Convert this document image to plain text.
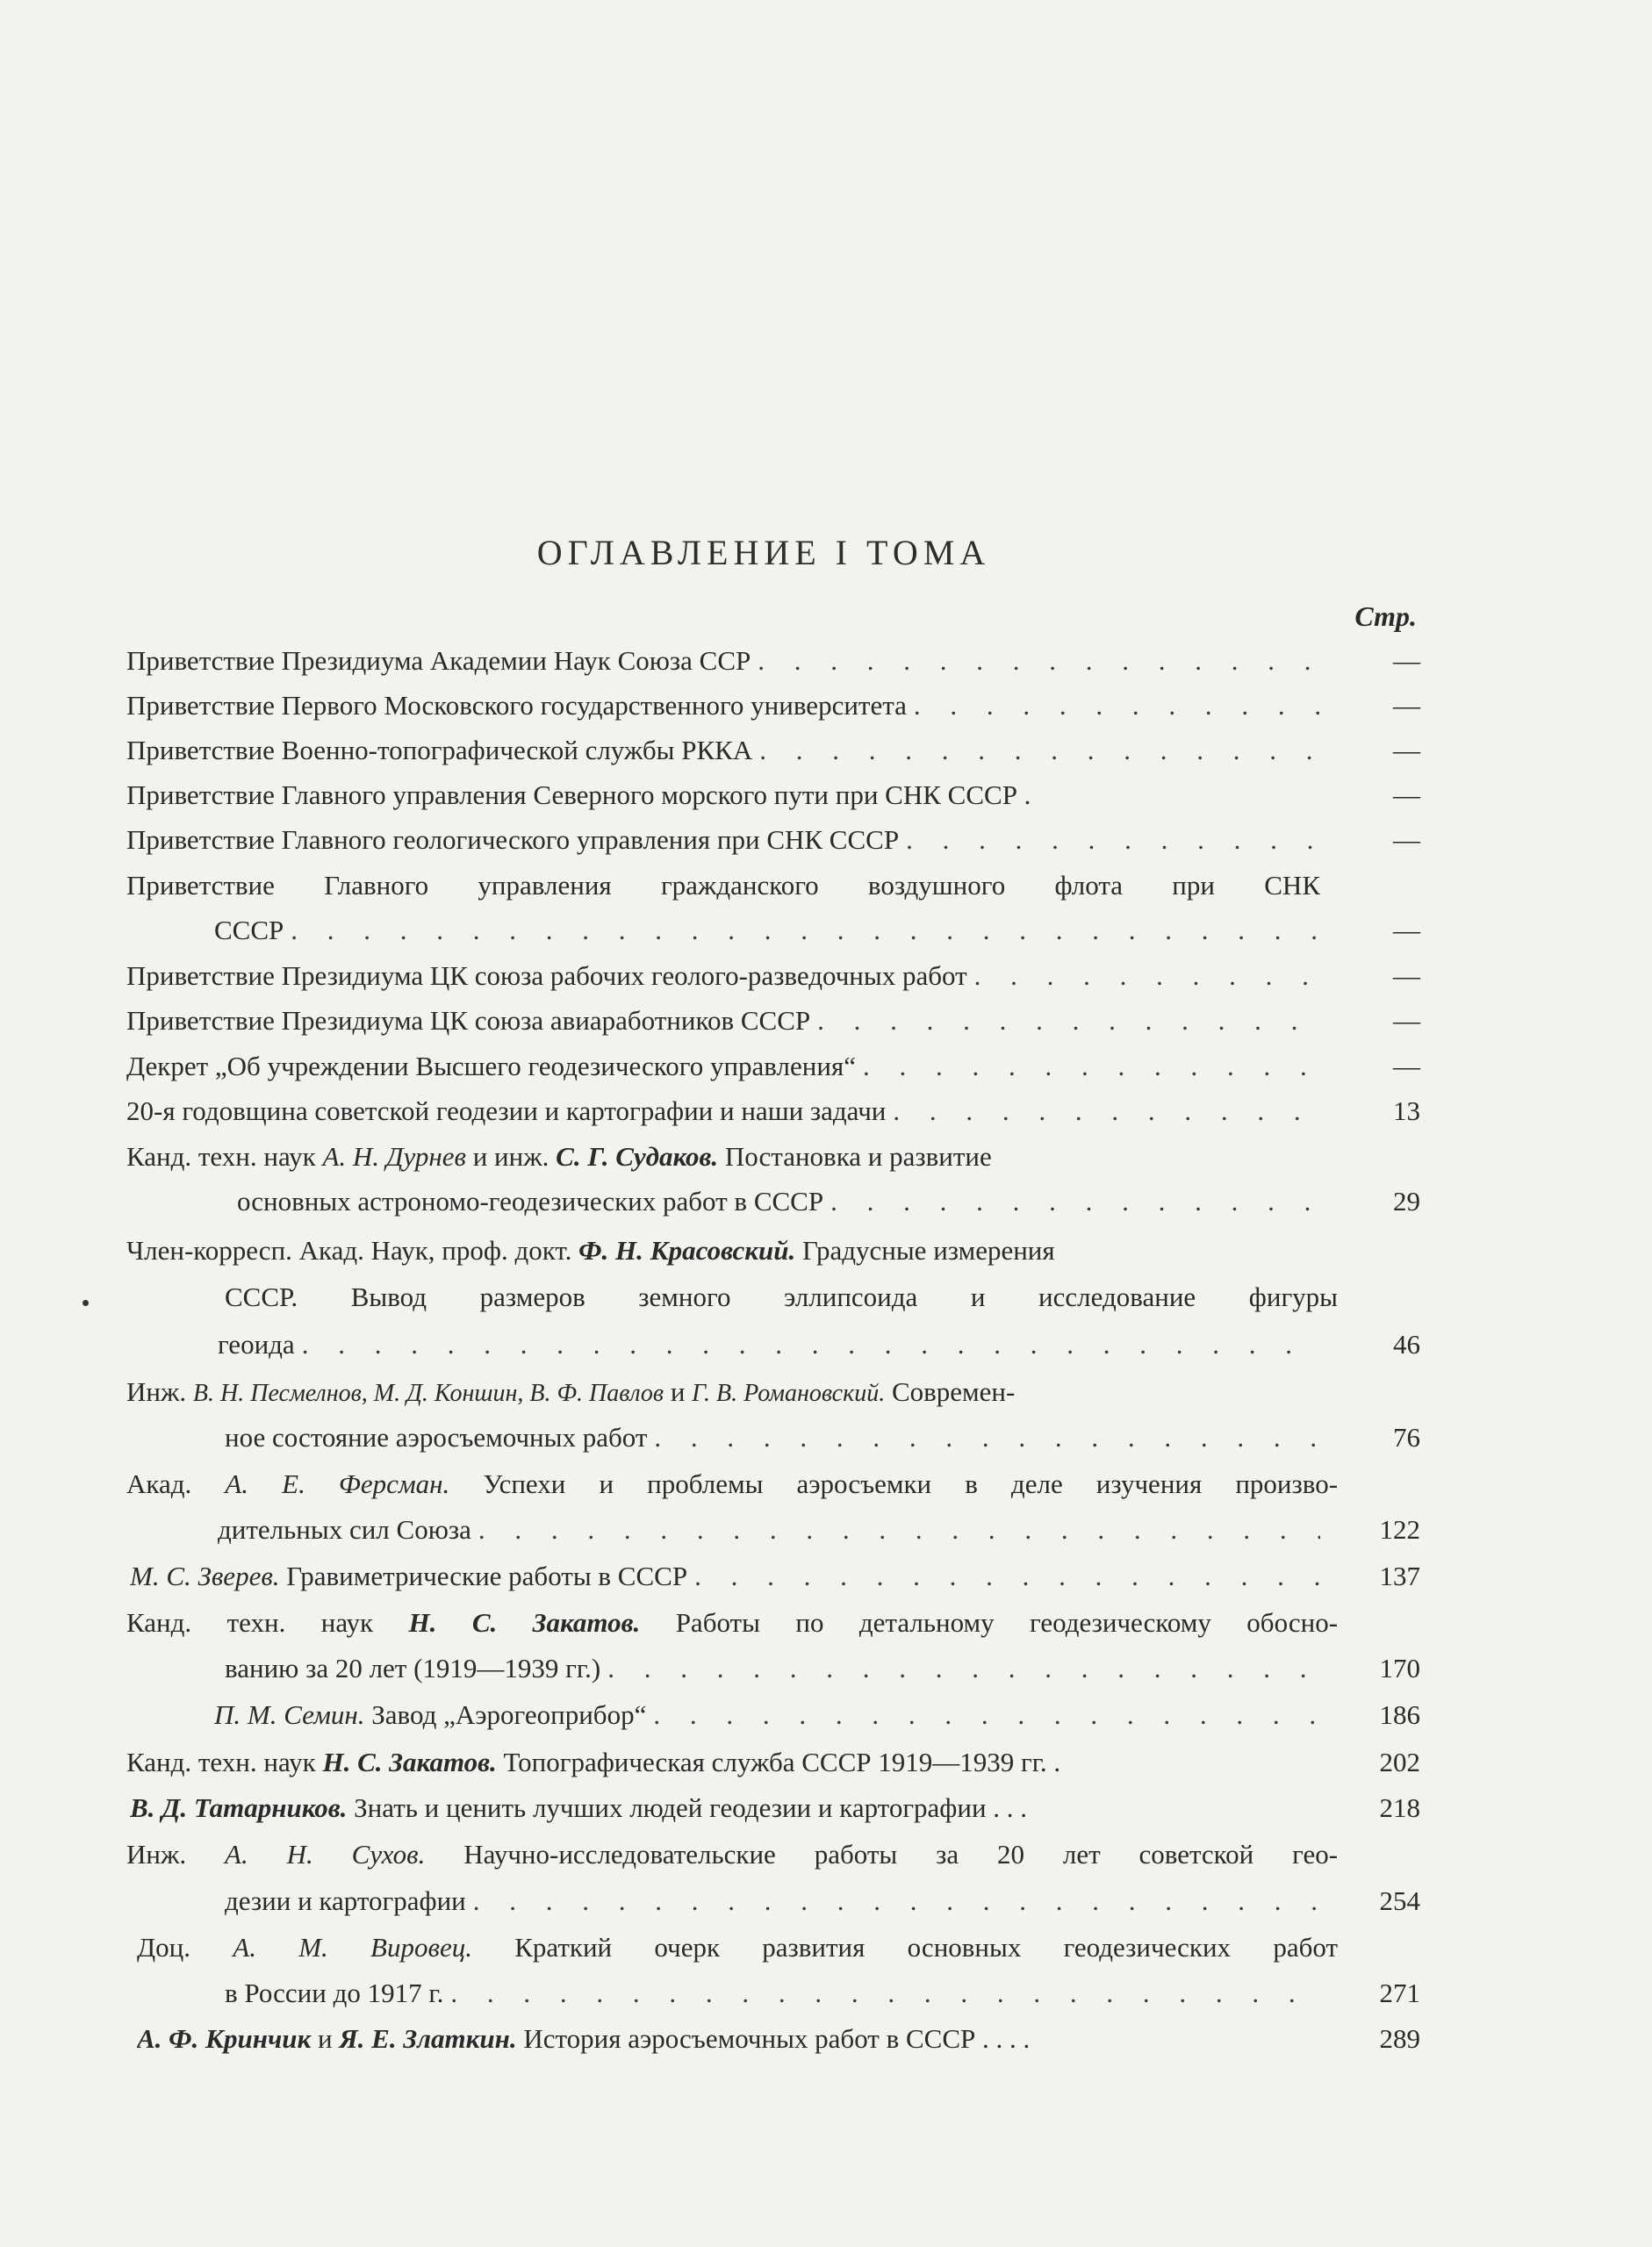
ОГЛАВЛЕНИЕ I ТОМА
Стр.
Приветствие Президиума Академии Наук Союза ССР . . .	—
Приветствие Первого Московского государственного университета . . .	—
Приветствие Военно-топографической службы РККА . . .	—
Приветствие Главного управления Северного морского пути при СНК СССР .	—
Приветствие Главного геологического управления при СНК СССР . . .	—
Приветствие Главного управления гражданского воздушного флота при СНК
СССР . . .	—
Приветствие Президиума ЦК союза рабочих геолого-разведочных работ . . .	—
Приветствие Президиума ЦК союза авиаработников СССР . . .	—
Декрет „Об учреждении Высшего геодезического управления“ . . .	—
20-я годовщина советской геодезии и картографии и наши задачи . . .	13
Канд. техн. наук А. Н. Дурнев и инж. С. Г. Судаков. Постановка и развитие
основных астрономо-геодезических работ в СССР . . .	29
Член-корресп. Акад. Наук, проф. докт. Ф. Н. Красовский. Градусные измерения
СССР. Вывод размеров земного эллипсоида и исследование фигуры
геоида . . .	46
Инж. В. Н. Песмелнов, М. Д. Коншин, В. Ф. Павлов и Г. В. Романовский. Современ-
ное состояние аэросъемочных работ . . .	76
Акад. А. Е. Ферсман. Успехи и проблемы аэросъемки в деле изучения произво-
дительных сил Союза . . .	122
М. С. Зверев. Гравиметрические работы в СССР . . .	137
Канд. техн. наук Н. С. Закатов. Работы по детальному геодезическому обосно-
ванию за 20 лет (1919—1939 гг.) . . .	170
П. М. Семин. Завод „Аэрогеоприбор“ . . .	186
Канд. техн. наук Н. С. Закатов. Топографическая служба СССР 1919—1939 гг. .	202
В. Д. Татарников. Знать и ценить лучших людей геодезии и картографии . . .	218
Инж. А. Н. Сухов. Научно-исследовательские работы за 20 лет советской гео-
дезии и картографии . . .	254
Доц. А. М. Вировец. Краткий очерк развития основных геодезических работ
в России до 1917 г. . . .	271
А. Ф. Кринчик и Я. Е. Златкин. История аэросъемочных работ в СССР . . . .	289
